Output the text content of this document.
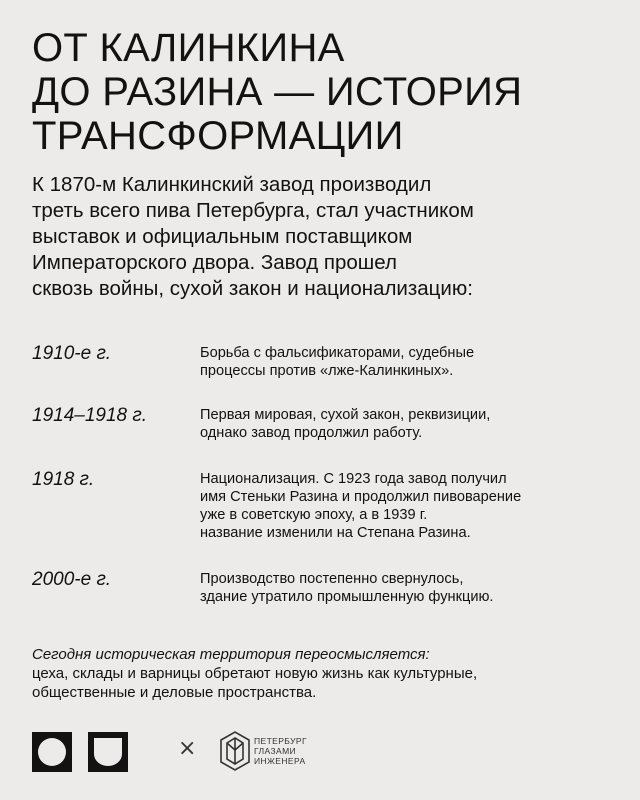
ОТ КАЛИНКИНА
ДО РАЗИНА — ИСТОРИЯ
ТРАНСФОРМАЦИИ
К 1870-м Калинкинский завод производил
треть всего пива Петербурга, стал участником
выставок и официальным поставщиком
Императорского двора. Завод прошел
сквозь войны, сухой закон и национализацию:
1910-е г.	Борьба с фальсификаторами, судебные
процессы против «лже-Калинкиных».
1914–1918 г.	Первая мировая, сухой закон, реквизиции,
однако завод продолжил работу.
1918 г.	Национализация. С 1923 года завод получил
имя Стеньки Разина и продолжил пивоварение
уже в советскую эпоху, а в 1939 г.
название изменили на Степана Разина.
2000-е г.	Производство постепенно свернулось,
здание утратило промышленную функцию.
Сегодня историческая территория переосмысляется:
цеха, склады и варницы обретают новую жизнь как культурные,
общественные и деловые пространства.
×	ПЕТЕРБУРГ
ГЛАЗАМИ
ИНЖЕНЕРА
